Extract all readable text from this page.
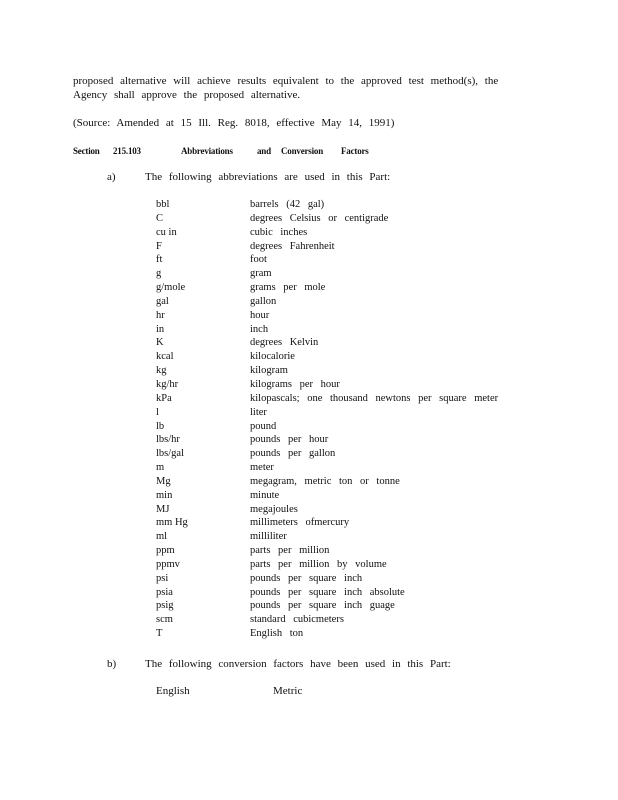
proposed alternative will achieve results equivalent to the approved test method(s), the
Agency shall approve the proposed alternative.
(Source: Amended at 15 Ill. Reg. 8018, effective May 14, 1991)
Section 215.103	Abbreviations	and Conversion Factors
a)	The following abbreviations are used in this Part:
bbl	barrels (42 gal)
C	degrees Celsius or centigrade
cu in	cubic inches
F	degrees Fahrenheit
ft	foot
g	gram
g/mole	grams per mole
gal	gallon
hr	hour
in	inch
K	degrees Kelvin
kcal	kilocalorie
kg	kilogram
kg/hr	kilograms per hour
kPa	kilopascals; one thousand newtons per square meter
l	liter
lb	pound
lbs/hr	pounds per hour
lbs/gal	pounds per gallon
m	meter
Mg	megagram, metric ton or tonne
min	minute
MJ	megajoules
mm Hg	millimeters ofmercury
ml	milliliter
ppm	parts per million
ppmv	parts per million by volume
psi	pounds per square inch
psia	pounds per square inch absolute
psig	pounds per square inch guage
scm	standard cubicmeters
T	English ton
b)	The following conversion factors have been used in this Part:
English	Metric
